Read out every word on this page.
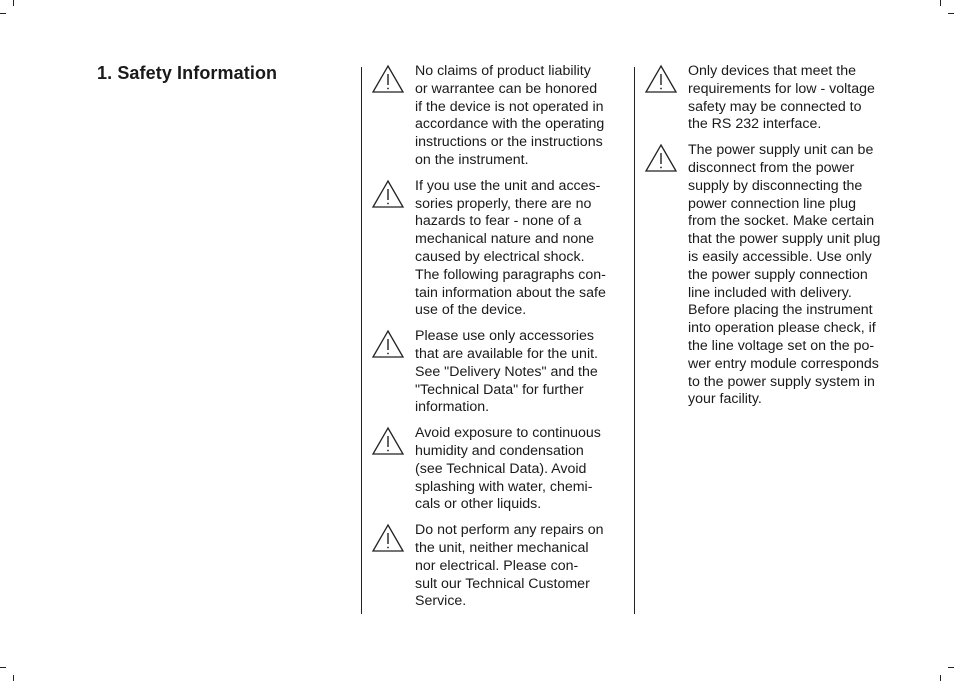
1. Safety Information	No claims of product liability
or warrantee can be honored
if the device is not operated in
accordance with the operating
instructions or the instructions
on the instrument.
If you use the unit and acces-
sories properly, there are no
hazards to fear - none of a
mechanical nature and none
caused by electrical shock.
The following paragraphs con-
tain information about the safe
use of the device.
Please use only accessories
that are available for the unit.
See "Delivery Notes" and the
"Technical Data" for further
information.
Avoid exposure to continuous
humidity and condensation
(see Technical Data). Avoid
splashing with water, chemi-
cals or other liquids.
Do not perform any repairs on
the unit, neither mechanical
nor electrical. Please con-
sult our Technical Customer
Service.
Only devices that meet the
requirements for low - voltage
safety may be connected to
the RS 232 interface.
The power supply unit can be
disconnect from the power
supply by disconnecting the
power connection line plug
from the socket. Make certain
that the power supply unit plug
is easily accessible. Use only
the power supply connection
line included with delivery.
Before placing the instrument
into operation please check, if
the line voltage set on the po-
wer entry module corresponds
to the power supply system in
your facility.
